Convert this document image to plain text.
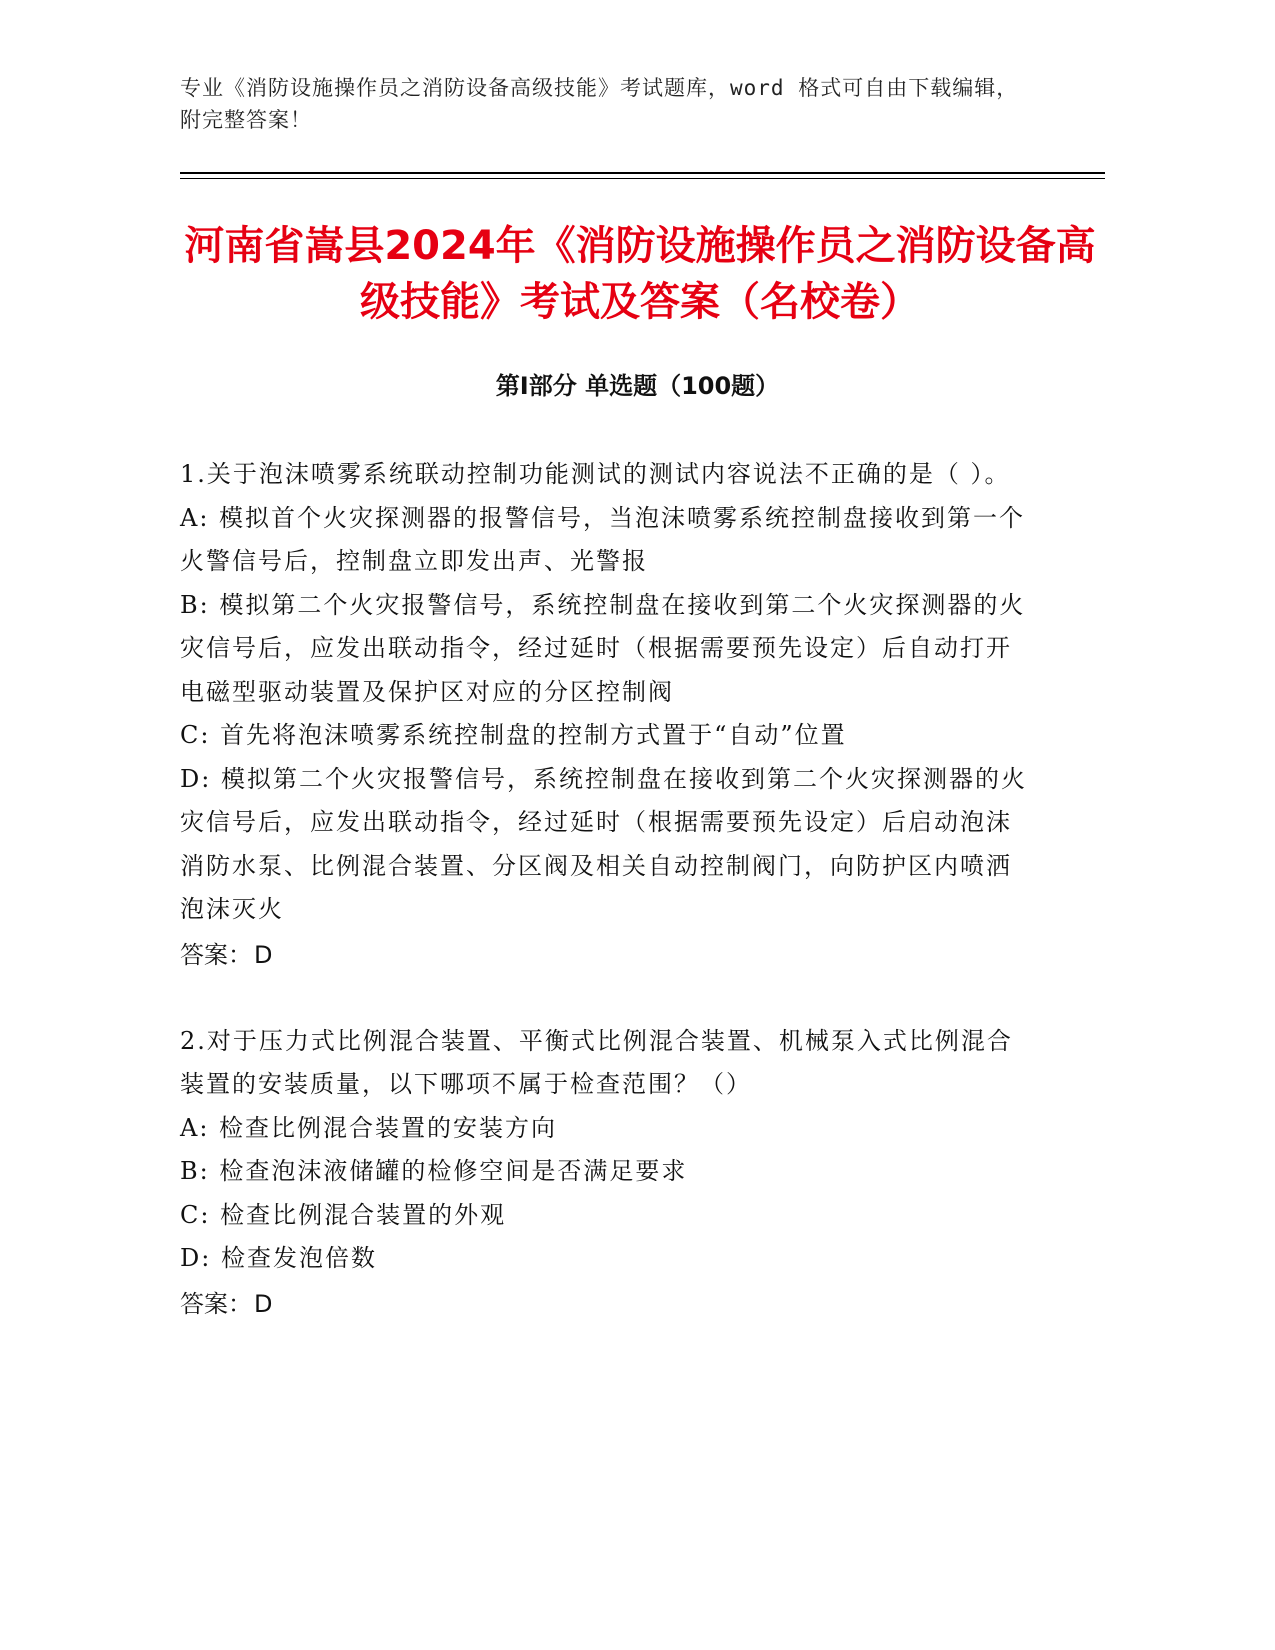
专业《消防设施操作员之消防设备高级技能》考试题库，word 格式可自由下载编辑，附完整答案！
河南省嵩县2024年《消防设施操作员之消防设备高级技能》考试及答案（名校卷）
第Ⅰ部分 单选题（100题）
1.关于泡沫喷雾系统联动控制功能测试的测试内容说法不正确的是（ ）。
A: 模拟首个火灾探测器的报警信号，当泡沫喷雾系统控制盘接收到第一个火警信号后，控制盘立即发出声、光警报
B: 模拟第二个火灾报警信号，系统控制盘在接收到第二个火灾探测器的火灾信号后，应发出联动指令，经过延时（根据需要预先设定）后自动打开电磁型驱动装置及保护区对应的分区控制阀
C: 首先将泡沫喷雾系统控制盘的控制方式置于“自动”位置
D: 模拟第二个火灾报警信号，系统控制盘在接收到第二个火灾探测器的火灾信号后，应发出联动指令，经过延时（根据需要预先设定）后启动泡沫消防水泵、比例混合装置、分区阀及相关自动控制阀门，向防护区内喷洒泡沫灭火
答案：D
2.对于压力式比例混合装置、平衡式比例混合装置、机械泵入式比例混合装置的安装质量，以下哪项不属于检查范围？（）
A: 检查比例混合装置的安装方向
B: 检查泡沫液储罐的检修空间是否满足要求
C: 检查比例混合装置的外观
D: 检查发泡倍数
答案：D
